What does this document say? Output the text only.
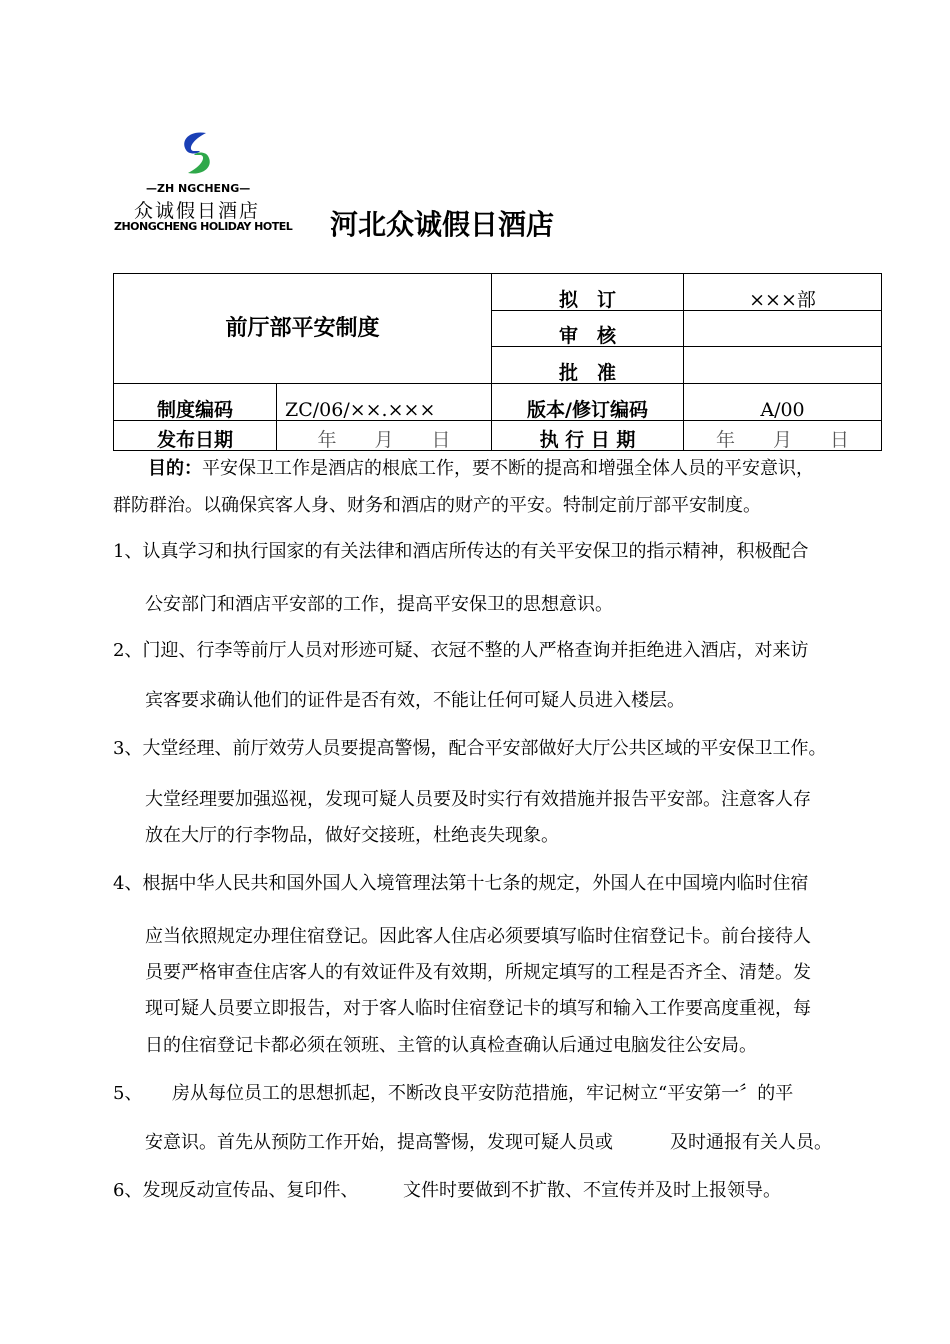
—ZH NGCHENG—
众诚假日酒店
ZHONGCHENG HOLIDAY HOTEL 河北众诚假日酒店
前厅部平安制度		拟　订	×××部
		审　核	
		批　准	
制度编码	ZC/06/××.×××	版本/修订编码	A/00
发布日期	年　　月　　日	执 行 日 期	年　　月　　日
目的：平安保卫工作是酒店的根底工作，要不断的提高和增强全体人员的平安意识，
群防群治。以确保宾客人身、财务和酒店的财产的平安。特制定前厅部平安制度。
1、认真学习和执行国家的有关法律和酒店所传达的有关平安保卫的指示精神，积极配合
公安部门和酒店平安部的工作，提高平安保卫的思想意识。
2、门迎、行李等前厅人员对形迹可疑、衣冠不整的人严格查询并拒绝进入酒店，对来访
宾客要求确认他们的证件是否有效，不能让任何可疑人员进入楼层。
3、大堂经理、前厅效劳人员要提高警惕，配合平安部做好大厅公共区域的平安保卫工作。
大堂经理要加强巡视，发现可疑人员要及时实行有效措施并报告平安部。注意客人存
放在大厅的行李物品，做好交接班，杜绝丧失现象。
4、根据中华人民共和国外国人入境管理法第十七条的规定，外国人在中国境内临时住宿
应当依照规定办理住宿登记。因此客人住店必须要填写临时住宿登记卡。前台接待人
员要严格审查住店客人的有效证件及有效期，所规定填写的工程是否齐全、清楚。发
现可疑人员要立即报告，对于客人临时住宿登记卡的填写和输入工作要高度重视，每
日的住宿登记卡都必须在领班、主管的认真检查确认后通过电脑发往公安局。
5、 房从每位员工的思想抓起，不断改良平安防范措施，牢记树立“平安第一〞的平
安意识。首先从预防工作开始，提高警惕，发现可疑人员或	及时通报有关人员。
6、发现反动宣传品、复印件、 文件时要做到不扩散、不宣传并及时上报领导。
